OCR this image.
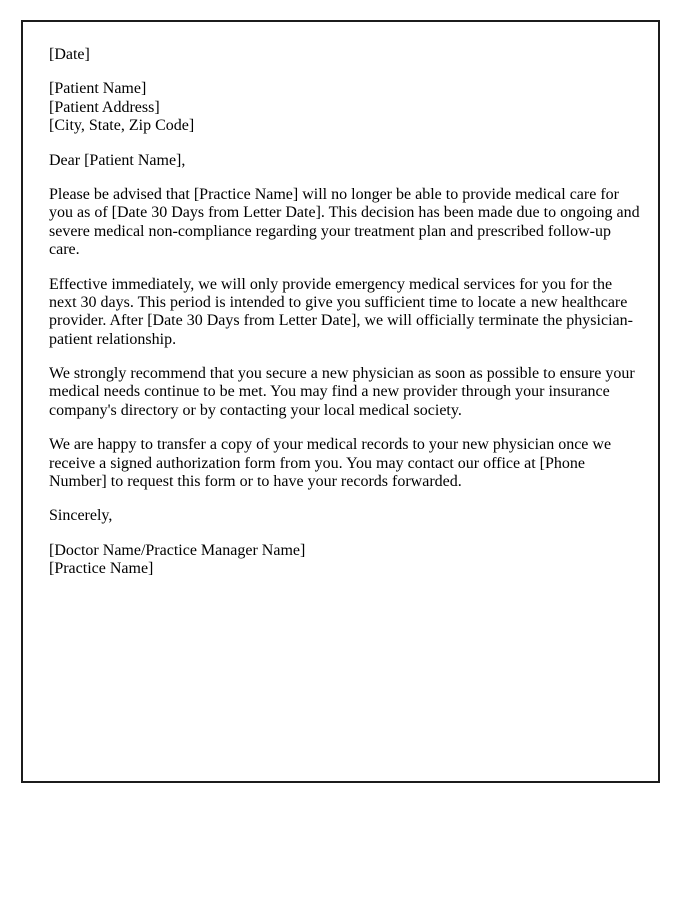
[Date]

[Patient Name]
[Patient Address]
[City, State, Zip Code]

Dear [Patient Name],

Please be advised that [Practice Name] will no longer be able to provide medical care for you as of [Date 30 Days from Letter Date]. This decision has been made due to ongoing and severe medical non-compliance regarding your treatment plan and prescribed follow-up care.

Effective immediately, we will only provide emergency medical services for you for the next 30 days. This period is intended to give you sufficient time to locate a new healthcare provider. After [Date 30 Days from Letter Date], we will officially terminate the physician-patient relationship.

We strongly recommend that you secure a new physician as soon as possible to ensure your medical needs continue to be met. You may find a new provider through your insurance company's directory or by contacting your local medical society.

We are happy to transfer a copy of your medical records to your new physician once we receive a signed authorization form from you. You may contact our office at [Phone Number] to request this form or to have your records forwarded.

Sincerely,

[Doctor Name/Practice Manager Name]
[Practice Name]
